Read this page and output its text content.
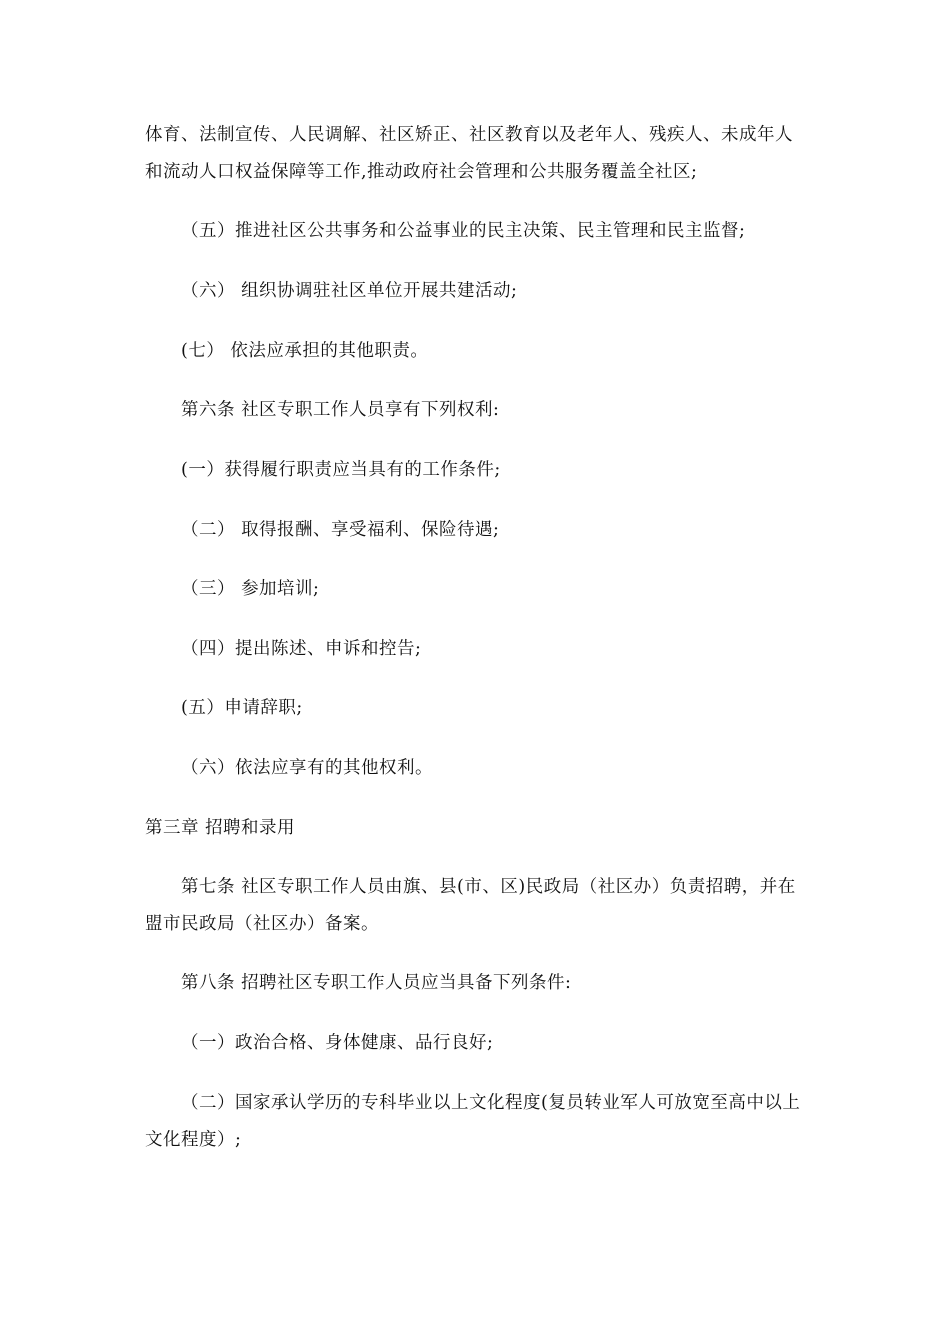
体育、法制宣传、人民调解、社区矫正、社区教育以及老年人、残疾人、未成年人
和流动人口权益保障等工作,推动政府社会管理和公共服务覆盖全社区;
（五）推进社区公共事务和公益事业的民主决策、民主管理和民主监督;
（六） 组织协调驻社区单位开展共建活动;
(七） 依法应承担的其他职责。
第六条 社区专职工作人员享有下列权利:
(一）获得履行职责应当具有的工作条件;
（二） 取得报酬、享受福利、保险待遇;
（三） 参加培训;
（四）提出陈述、申诉和控告;
(五）申请辞职;
（六）依法应享有的其他权利。
第三章 招聘和录用
第七条 社区专职工作人员由旗、县(市、区)民政局（社区办）负责招聘，并在
盟市民政局（社区办）备案。
第八条 招聘社区专职工作人员应当具备下列条件:
（一）政治合格、身体健康、品行良好;
（二）国家承认学历的专科毕业以上文化程度(复员转业军人可放宽至高中以上
文化程度）;
